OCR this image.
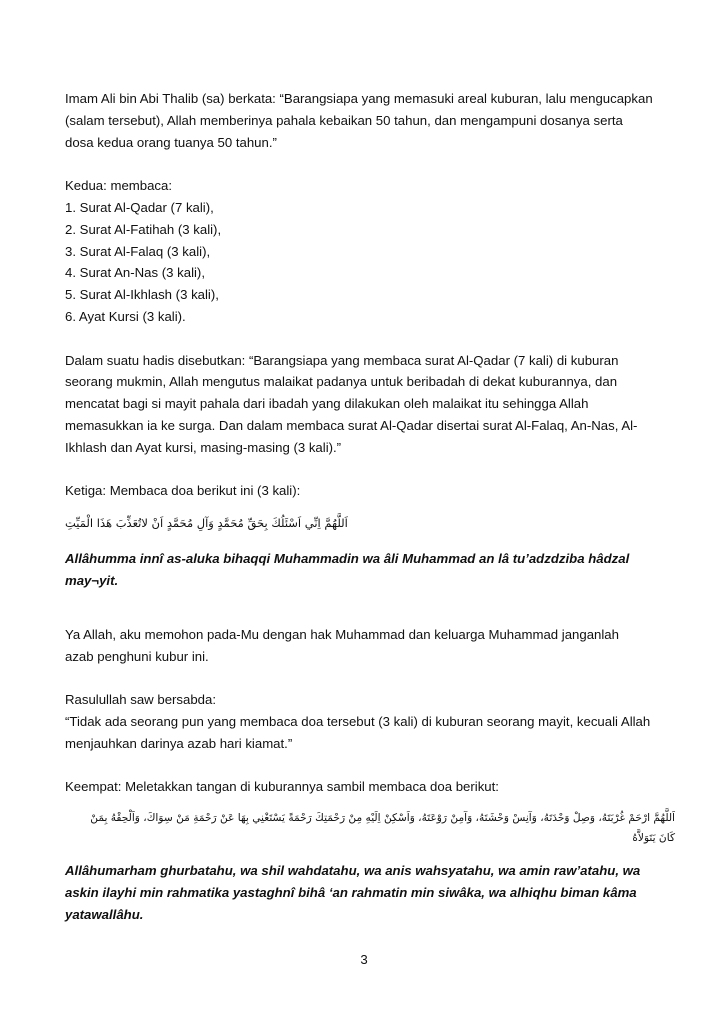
Imam Ali bin Abi Thalib (sa) berkata: “Barangsiapa yang memasuki areal kuburan, lalu mengucapkan
(salam tersebut), Allah memberinya pahala kebaikan 50 tahun, dan mengampuni dosanya serta
dosa kedua orang tuanya 50 tahun.”
Kedua: membaca:
1. Surat Al-Qadar (7 kali),
2. Surat Al-Fatihah (3 kali),
3. Surat Al-Falaq (3 kali),
4. Surat An-Nas (3 kali),
5. Surat Al-Ikhlash (3 kali),
6. Ayat Kursi (3 kali).
Dalam suatu hadis disebutkan: “Barangsiapa yang membaca surat Al-Qadar (7 kali) di kuburan
seorang mukmin, Allah mengutus malaikat padanya untuk beribadah di dekat kuburannya, dan
mencatat bagi si mayit pahala dari ibadah yang dilakukan oleh malaikat itu sehingga Allah
memasukkan ia ke surga. Dan dalam membaca surat Al-Qadar disertai surat Al-Falaq, An-Nas, Al-
Ikhlash dan Ayat kursi, masing-masing (3 kali).”
Ketiga: Membaca doa berikut ini (3 kali):
اَللَّهُمَّ اِنِّي اَسْئَلُكَ بِحَقِّ مُحَمَّدٍ وَآلِ مُحَمَّدٍ اَنْ لاتُعَذِّبَ هَذَا الْمَيِّتِ
Allâhumma innî as-aluka bihaqqi Muhammadin wa âli Muhammad an lâ tu’adzdziba hâdzal
may¬yit.
Ya Allah, aku memohon pada-Mu dengan hak Muhammad dan keluarga Muhammad janganlah
azab penghuni kubur ini.
Rasulullah saw bersabda:
“Tidak ada seorang pun yang membaca doa tersebut (3 kali) di kuburan seorang mayit, kecuali Allah
menjauhkan darinya azab hari kiamat.”
Keempat: Meletakkan tangan di kuburannya sambil membaca doa berikut:
اَللَّهُمَّ ارْحَمْ غُرْبَتَهُ، وَصِلْ وَحْدَتَهُ، وَآنِسْ وَحْشَتَهُ، وَآمِنْ رَوْعَتَهُ، وَاَسْكِنْ اِلَيْهِ مِنْ رَحْمَتِكَ رَحْمَةً يَسْتَغْنِي بِهَا عَنْ رَحْمَةِ مَنْ سِوَاكَ، وَاَلْحِقْهُ بِمَنْ
كَانَ يَتَوَلاَّهُ
Allâhumarham ghurbatahu, wa shil wahdatahu, wa anis wahsyatahu, wa amin raw’atahu, wa
askin ilayhi min rahmatika yastaghnî bihâ ‘an rahmatin min siwâka, wa alhiqhu biman kâma
yatawallâhu.
3
